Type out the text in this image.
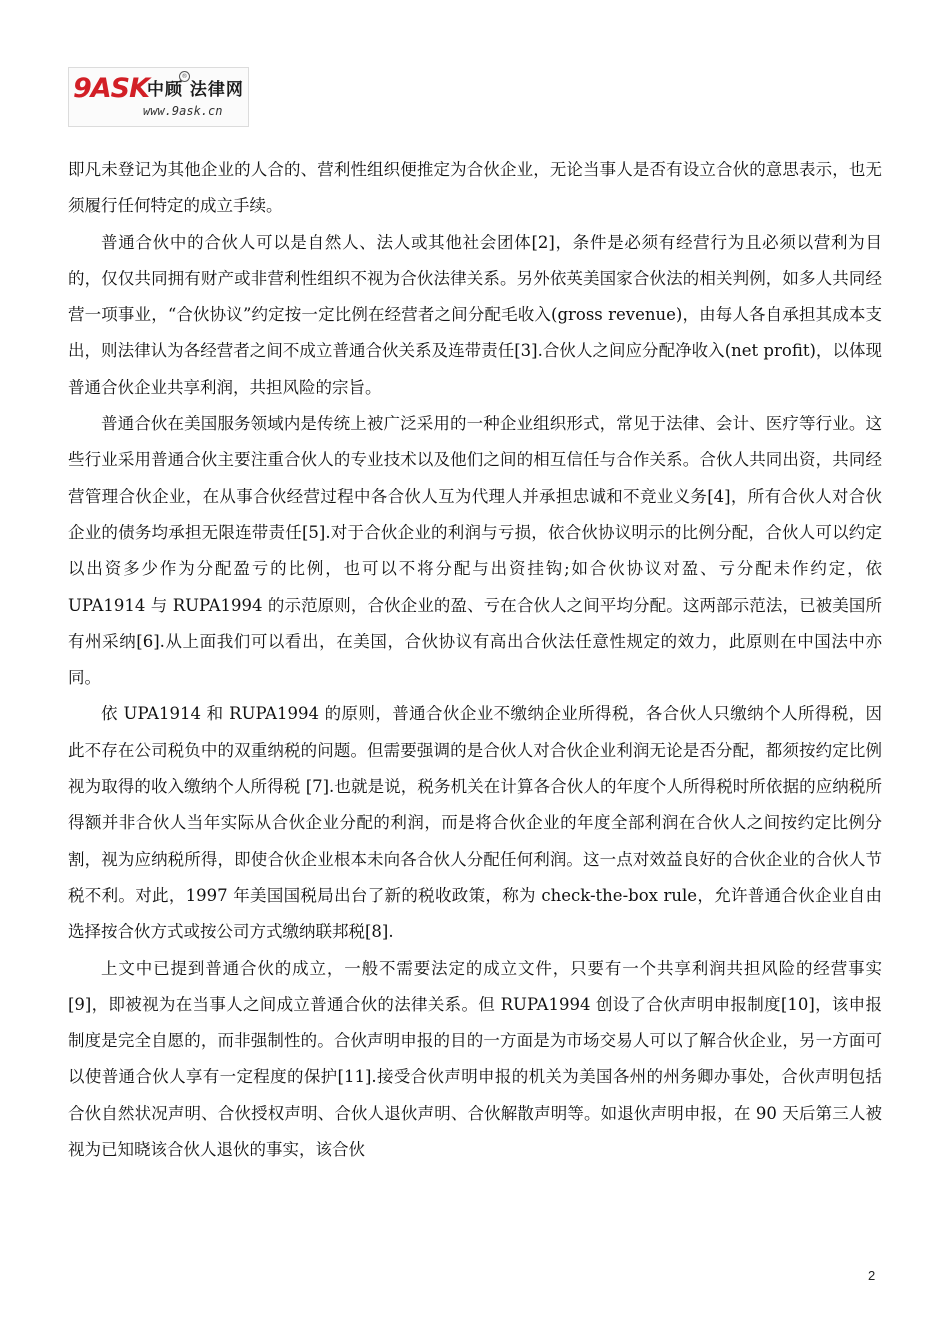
9ASK
中顾 法律网
®
www.9ask.cn

即凡未登记为其他企业的人合的、营利性组织便推定为合伙企业，无论当事人是否有设立合伙的意思表示，也无须履行任何特定的成立手续。

普通合伙中的合伙人可以是自然人、法人或其他社会团体[2]，条件是必须有经营行为且必须以营利为目的，仅仅共同拥有财产或非营利性组织不视为合伙法律关系。另外依英美国家合伙法的相关判例，如多人共同经营一项事业，“合伙协议”约定按一定比例在经营者之间分配毛收入(gross revenue)，由每人各自承担其成本支出，则法律认为各经营者之间不成立普通合伙关系及连带责任[3].合伙人之间应分配净收入(net profit)，以体现普通合伙企业共享利润，共担风险的宗旨。

普通合伙在美国服务领域内是传统上被广泛采用的一种企业组织形式，常见于法律、会计、医疗等行业。这些行业采用普通合伙主要注重合伙人的专业技术以及他们之间的相互信任与合作关系。合伙人共同出资，共同经营管理合伙企业，在从事合伙经营过程中各合伙人互为代理人并承担忠诚和不竞业义务[4]，所有合伙人对合伙企业的债务均承担无限连带责任[5].对于合伙企业的利润与亏损，依合伙协议明示的比例分配，合伙人可以约定以出资多少作为分配盈亏的比例，也可以不将分配与出资挂钩;如合伙协议对盈、亏分配未作约定，依 UPA1914 与 RUPA1994 的示范原则，合伙企业的盈、亏在合伙人之间平均分配。这两部示范法，已被美国所有州采纳[6].从上面我们可以看出，在美国，合伙协议有高出合伙法任意性规定的效力，此原则在中国法中亦同。

依 UPA1914 和 RUPA1994 的原则，普通合伙企业不缴纳企业所得税，各合伙人只缴纳个人所得税，因此不存在公司税负中的双重纳税的问题。但需要强调的是合伙人对合伙企业利润无论是否分配，都须按约定比例视为取得的收入缴纳个人所得税 [7].也就是说，税务机关在计算各合伙人的年度个人所得税时所依据的应纳税所得额并非合伙人当年实际从合伙企业分配的利润，而是将合伙企业的年度全部利润在合伙人之间按约定比例分割，视为应纳税所得，即使合伙企业根本未向各合伙人分配任何利润。这一点对效益良好的合伙企业的合伙人节税不利。对此，1997 年美国国税局出台了新的税收政策，称为 check-the-box rule，允许普通合伙企业自由选择按合伙方式或按公司方式缴纳联邦税[8].

上文中已提到普通合伙的成立，一般不需要法定的成立文件，只要有一个共享利润共担风险的经营事实[9]，即被视为在当事人之间成立普通合伙的法律关系。但 RUPA1994 创设了合伙声明申报制度[10]，该申报制度是完全自愿的，而非强制性的。合伙声明申报的目的一方面是为市场交易人可以了解合伙企业，另一方面可以使普通合伙人享有一定程度的保护[11].接受合伙声明申报的机关为美国各州的州务卿办事处，合伙声明包括合伙自然状况声明、合伙授权声明、合伙人退伙声明、合伙解散声明等。如退伙声明申报，在 90 天后第三人被视为已知晓该合伙人退伙的事实，该合伙

2
